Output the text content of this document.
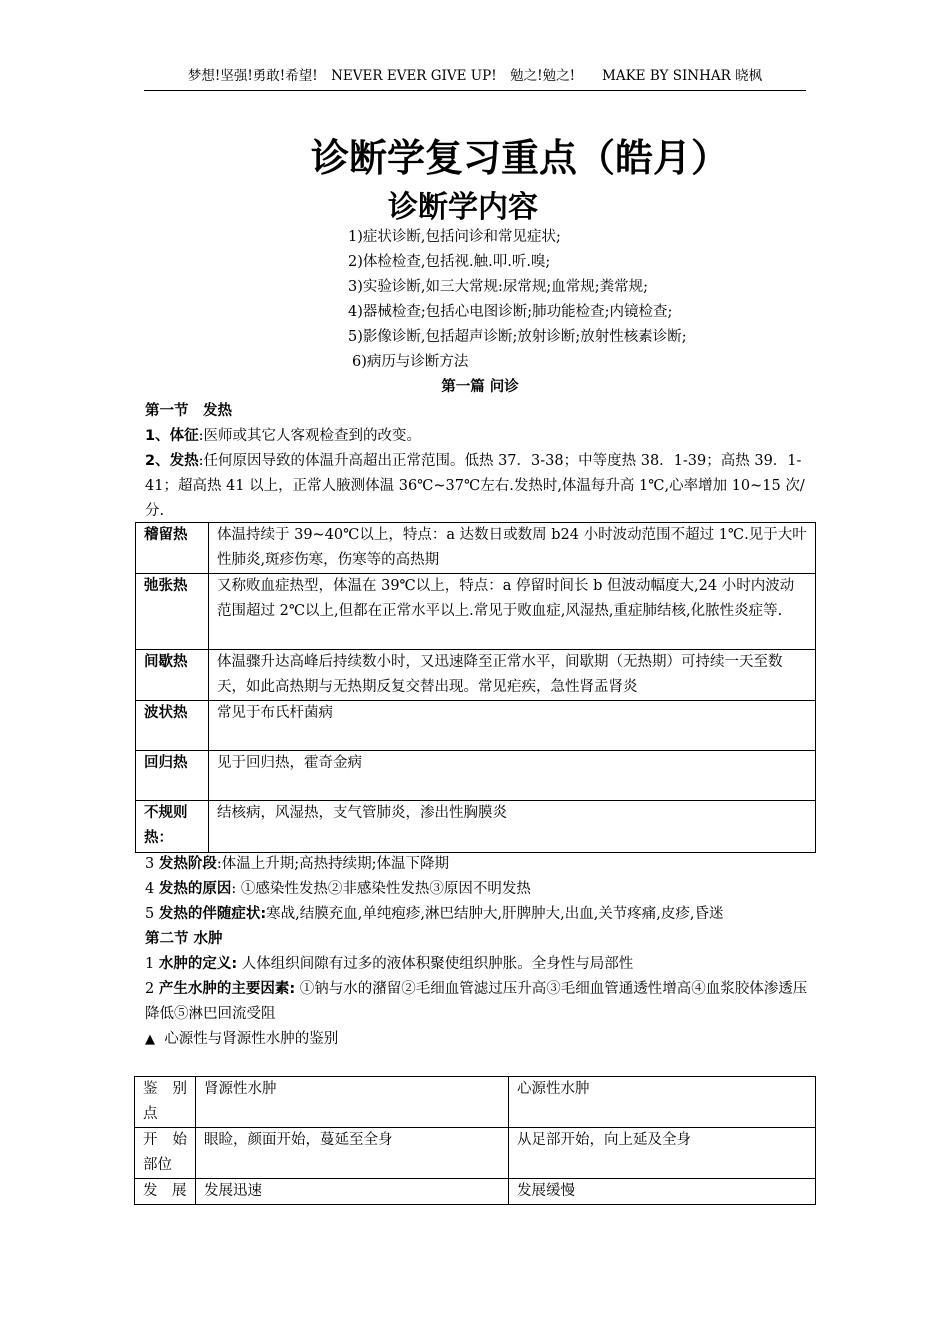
梦想!坚强!勇敢!希望!　NEVER EVER GIVE UP!　勉之!勉之!　　MAKE BY SINHAR 晓枫
诊断学复习重点（皓月）
诊断学内容
1)症状诊断,包括问诊和常见症状;
2)体检检查,包括视.触.叩.听.嗅;
3)实验诊断,如三大常规:尿常规;血常规;粪常规;
4)器械检查;包括心电图诊断;肺功能检查;内镜检查;
5)影像诊断,包括超声诊断;放射诊断;放射性核素诊断;
6)病历与诊断方法
第一篇 问诊
第一节　发热
1、体征:医师或其它人客观检查到的改变。
2、发热:任何原因导致的体温升高超出正常范围。低热 37．3-38；中等度热 38．1-39；高热 39．1-41；超高热 41 以上，正常人腋测体温 36℃~37℃左右.发热时,体温每升高 1℃,心率增加 10~15 次/分.
稽留热	体温持续于 39~40℃以上，特点：a 达数日或数周 b24 小时波动范围不超过 1℃.见于大叶性肺炎,斑疹伤寒，伤寒等的高热期
弛张热	又称败血症热型，体温在 39℃以上，特点：a 停留时间长 b 但波动幅度大,24 小时内波动范围超过 2℃以上,但都在正常水平以上.常见于败血症,风湿热,重症肺结核,化脓性炎症等.
间歇热	体温骤升达高峰后持续数小时，又迅速降至正常水平，间歇期（无热期）可持续一天至数天，如此高热期与无热期反复交替出现。常见疟疾，急性肾盂肾炎
波状热	常见于布氏杆菌病
回归热	见于回归热，霍奇金病
不规则热：	结核病，风湿热，支气管肺炎，渗出性胸膜炎
3 发热阶段:体温上升期;高热持续期;体温下降期
4 发热的原因: ①感染性发热②非感染性发热③原因不明发热
5 发热的伴随症状:寒战,结膜充血,单纯疱疹,淋巴结肿大,肝脾肿大,出血,关节疼痛,皮疹,昏迷
第二节 水肿
1 水肿的定义: 人体组织间隙有过多的液体积聚使组织肿胀。全身性与局部性
2 产生水肿的主要因素: ①钠与水的潴留②毛细血管滤过压升高③毛细血管通透性增高④血浆胶体渗透压降低⑤淋巴回流受阻
▲ 心源性与肾源性水肿的鉴别
鉴　别点	肾源性水肿	心源性水肿
开　始部位	眼睑，颜面开始，蔓延至全身	从足部开始，向上延及全身
发　展	发展迅速	发展缓慢
